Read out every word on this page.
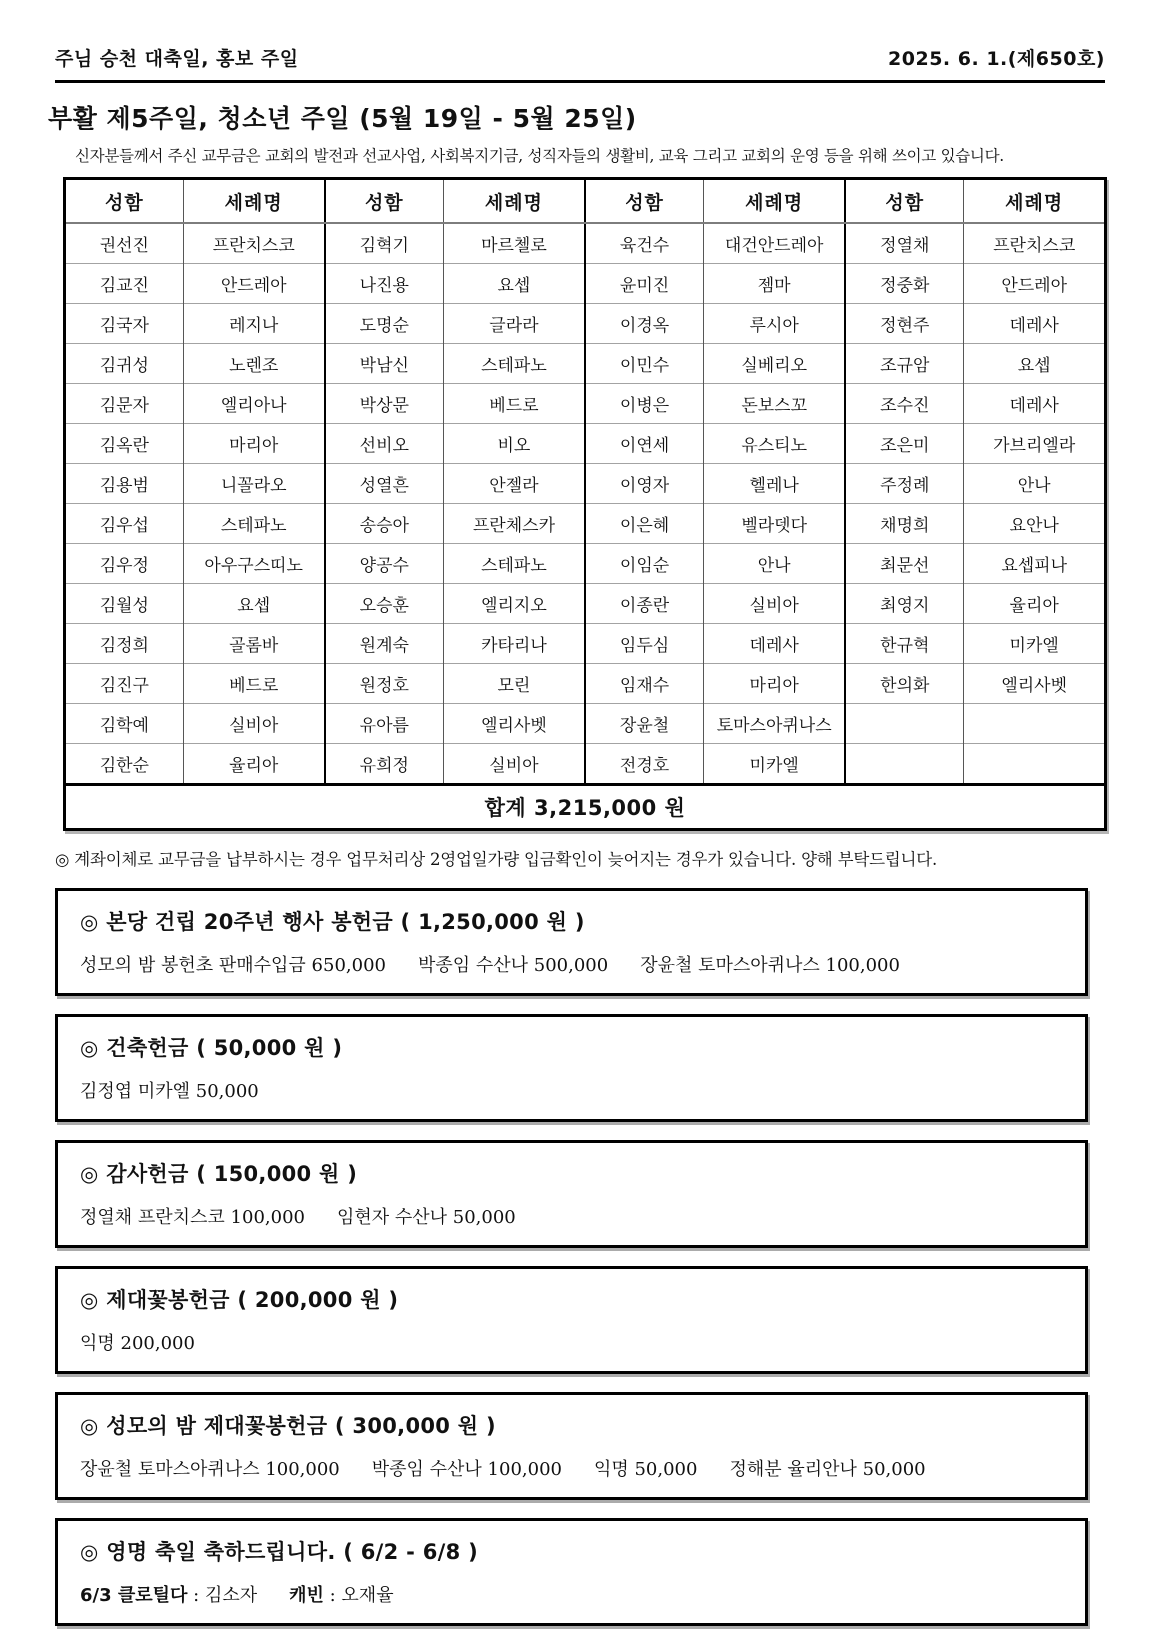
주님 승천 대축일, 홍보 주일	2025. 6. 1.(제650호)
부활 제5주일, 청소년 주일 (5월 19일 - 5월 25일)
신자분들께서 주신 교무금은 교회의 발전과 선교사업, 사회복지기금, 성직자들의 생활비, 교육 그리고 교회의 운영 등을 위해 쓰이고 있습니다.
성함	세례명	성함	세례명	성함	세례명	성함	세례명
권선진	프란치스코	김혁기	마르첼로	육건수	대건안드레아	정열채	프란치스코
김교진	안드레아	나진용	요셉	윤미진	젬마	정중화	안드레아
김국자	레지나	도명순	글라라	이경옥	루시아	정현주	데레사
김귀성	노렌조	박남신	스테파노	이민수	실베리오	조규암	요셉
김문자	엘리아나	박상문	베드로	이병은	돈보스꼬	조수진	데레사
김옥란	마리아	선비오	비오	이연세	유스티노	조은미	가브리엘라
김용범	니꼴라오	성열흔	안젤라	이영자	헬레나	주정례	안나
김우섭	스테파노	송승아	프란체스카	이은혜	벨라뎃다	채명희	요안나
김우정	아우구스띠노	양공수	스테파노	이임순	안나	최문선	요셉피나
김월성	요셉	오승훈	엘리지오	이종란	실비아	최영지	율리아
김정희	골롬바	원계숙	카타리나	임두심	데레사	한규혁	미카엘
김진구	베드로	원정호	모린	임재수	마리아	한의화	엘리사벳
김학예	실비아	유아름	엘리사벳	장윤철	토마스아퀴나스		
김한순	율리아	유희정	실비아	전경호	미카엘		
합계 3,215,000 원							
◎ 계좌이체로 교무금을 납부하시는 경우 업무처리상 2영업일가량 입금확인이 늦어지는 경우가 있습니다. 양해 부탁드립니다.
◎ 본당 건립 20주년 행사 봉헌금 ( 1,250,000 원 )
성모의 밤 봉헌초 판매수입금 650,000 박종임 수산나 500,000 장윤철 토마스아퀴나스 100,000
◎ 건축헌금 ( 50,000 원 )
김정엽 미카엘 50,000
◎ 감사헌금 ( 150,000 원 )
정열채 프란치스코 100,000 임현자 수산나 50,000
◎ 제대꽃봉헌금 ( 200,000 원 )
익명 200,000
◎ 성모의 밤 제대꽃봉헌금 ( 300,000 원 )
장윤철 토마스아퀴나스 100,000 박종임 수산나 100,000 익명 50,000 정해분 율리안나 50,000
◎ 영명 축일 축하드립니다. ( 6/2 - 6/8 )
6/3 클로틸다 : 김소자 캐빈 : 오재율
